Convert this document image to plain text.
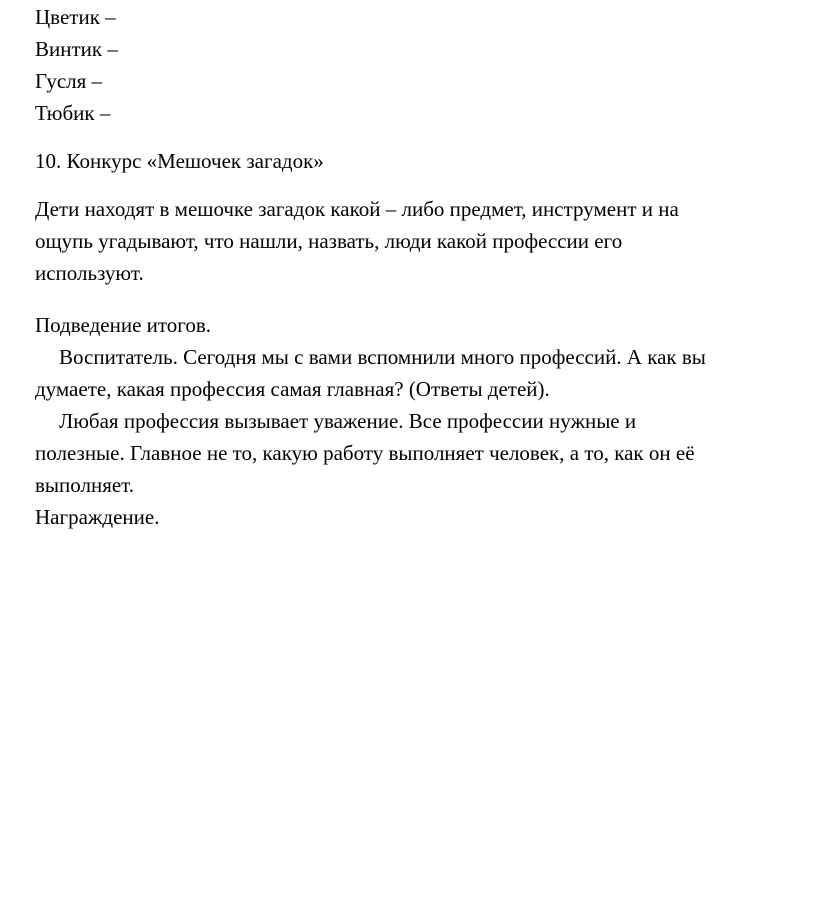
Цветик –
Винтик –
Гусля –
Тюбик –
10. Конкурс «Мешочек загадок»
Дети находят в мешочке загадок какой – либо предмет, инструмент и на
ощупь угадывают, что нашли, назвать, люди какой профессии его
используют.
Подведение итогов.
Воспитатель. Сегодня мы с вами вспомнили много профессий. А как вы
думаете, какая профессия самая главная? (Ответы детей).
Любая профессия вызывает уважение. Все профессии нужные и
полезные. Главное не то, какую работу выполняет человек, а то, как он её
выполняет.
Награждение.
